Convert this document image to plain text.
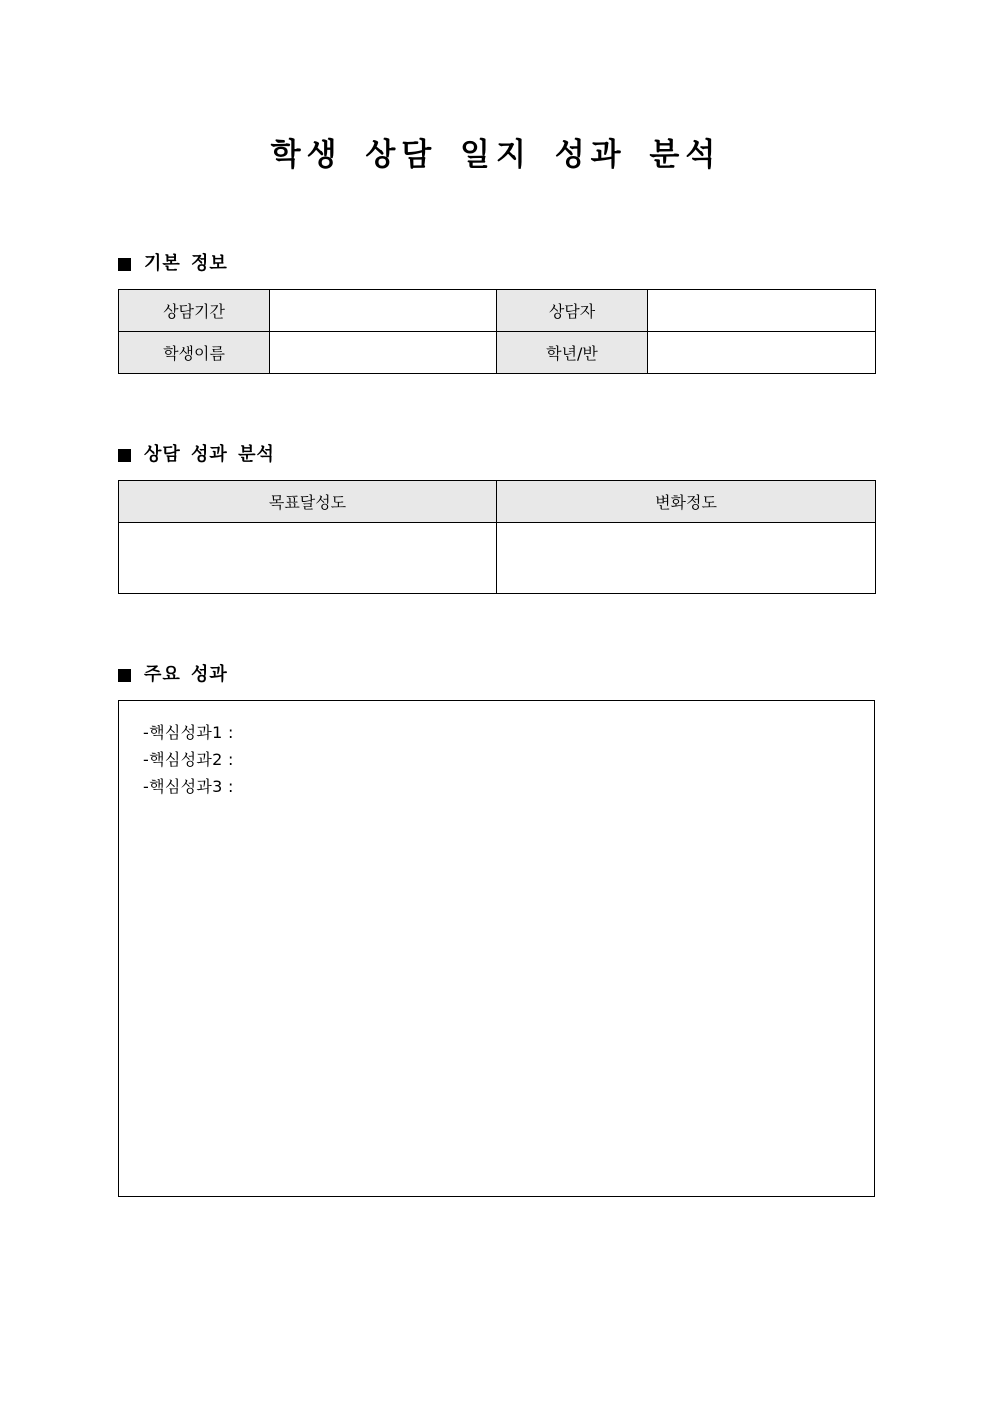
학생 상담 일지 성과 분석
기본 정보
상담기간		상담자	
학생이름		학년/반	
상담 성과 분석
목표달성도	변화정도

주요 성과
-핵심성과1 :
-핵심성과2 :
-핵심성과3 :
